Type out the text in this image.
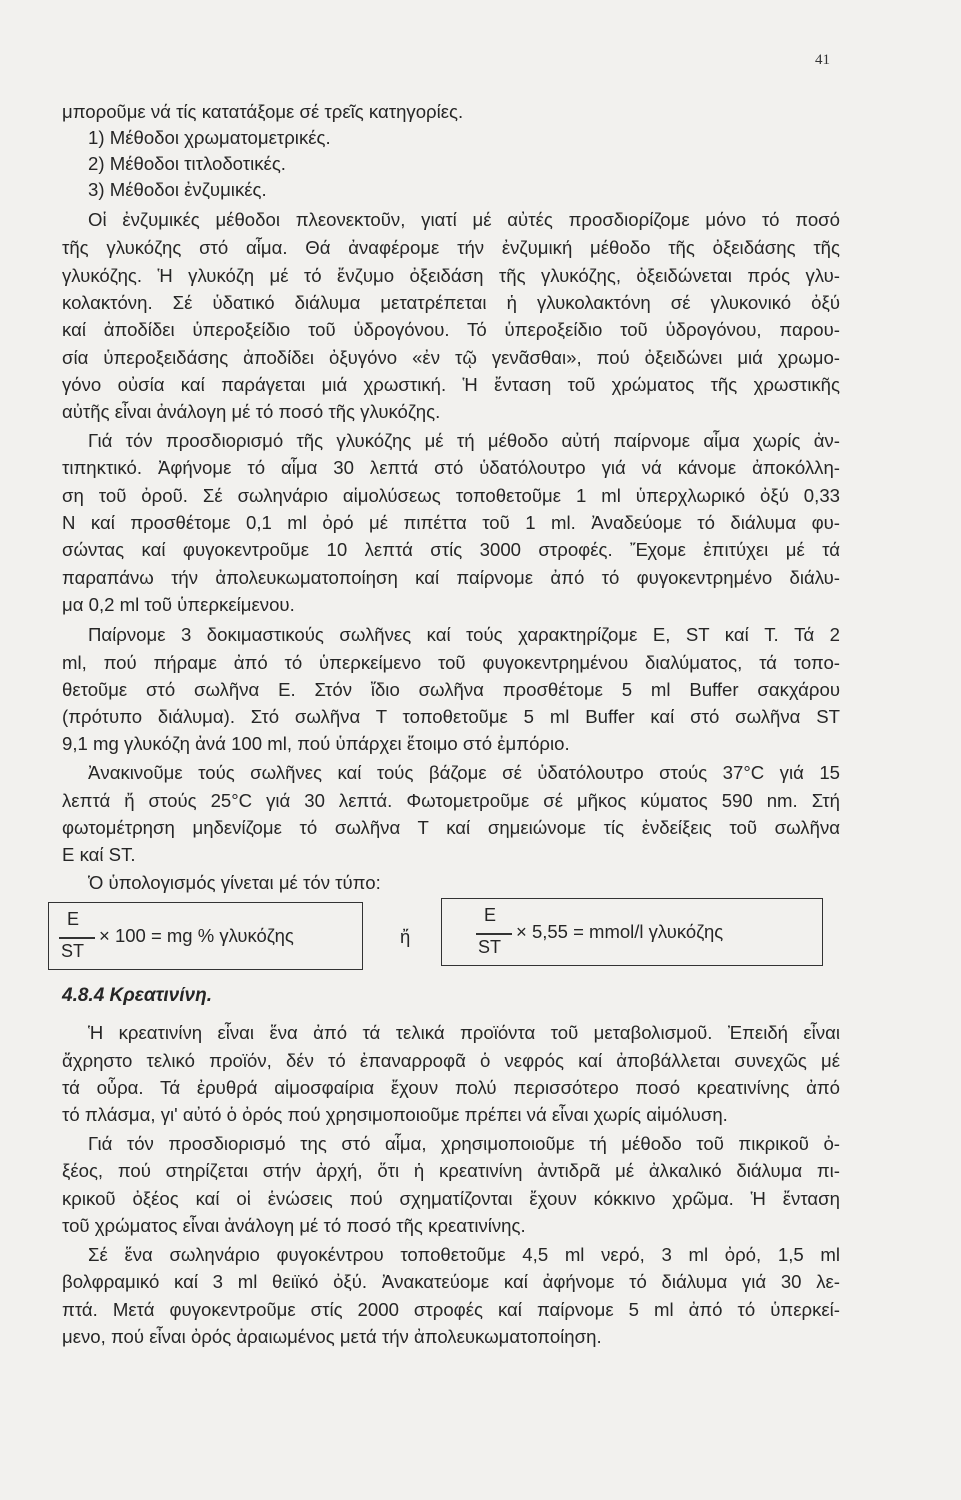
41
μποροῦμε νά τίς κατατάξομε σέ τρεῖς κατηγορίες.
1) Μέθοδοι χρωματομετρικές.
2) Μέθοδοι τιτλοδοτικές.
3) Μέθοδοι ἐνζυμικές.
Οἱ ἐνζυμικές μέθοδοι πλεονεκτοῦν, γιατί μέ αὐτές προσδιορίζομε μόνο τό ποσό
τῆς γλυκόζης στό αἷμα. Θά ἀναφέρομε τήν ἐνζυμική μέθοδο τῆς ὀξειδάσης τῆς
γλυκόζης. Ἡ γλυκόζη μέ τό ἔνζυμο ὀξειδάση τῆς γλυκόζης, ὀξειδώνεται πρός γλυ-
κολακτόνη. Σέ ὑδατικό διάλυμα μετατρέπεται ἡ γλυκολακτόνη σέ γλυκονικό ὀξύ
καί ἀποδίδει ὑπεροξείδιο τοῦ ὑδρογόνου. Τό ὑπεροξείδιο τοῦ ὑδρογόνου, παρου-
σία ὑπεροξειδάσης ἀποδίδει ὀξυγόνο «ἐν τῷ γενᾶσθαι», πού ὀξειδώνει μιά χρωμο-
γόνο οὐσία καί παράγεται μιά χρωστική. Ἡ ἔνταση τοῦ χρώματος τῆς χρωστικῆς
αὐτῆς εἶναι ἀνάλογη μέ τό ποσό τῆς γλυκόζης.
Γιά τόν προσδιορισμό τῆς γλυκόζης μέ τή μέθοδο αὐτή παίρνομε αἷμα χωρίς ἀν-
τιπηκτικό. Ἀφήνομε τό αἷμα 30 λεπτά στό ὑδατόλουτρο γιά νά κάνομε ἀποκόλλη-
ση τοῦ ὀροῦ. Σέ σωληνάριο αἱμολύσεως τοποθετοῦμε 1 ml ὑπερχλωρικό ὀξύ 0,33
Ν καί προσθέτομε 0,1 ml ὀρό μέ πιπέττα τοῦ 1 ml. Ἀναδεύομε τό διάλυμα φυ-
σώντας καί φυγοκεντροῦμε 10 λεπτά στίς 3000 στροφές. Ἔχομε ἐπιτύχει μέ τά
παραπάνω τήν ἀπολευκωματοποίηση καί παίρνομε ἀπό τό φυγοκεντρημένο διάλυ-
μα 0,2 ml τοῦ ὑπερκείμενου.
Παίρνομε 3 δοκιμαστικούς σωλῆνες καί τούς χαρακτηρίζομε E, ST καί T. Τά 2
ml, πού πήραμε ἀπό τό ὑπερκείμενο τοῦ φυγοκεντρημένου διαλύματος, τά τοπο-
θετοῦμε στό σωλῆνα Ε. Στόν ἴδιο σωλῆνα προσθέτομε 5 ml Buffer σακχάρου
(πρότυπο διάλυμα). Στό σωλῆνα Τ τοποθετοῦμε 5 ml Buffer καί στό σωλῆνα ST
9,1 mg γλυκόζη ἀνά 100 ml, πού ὑπάρχει ἕτοιμο στό ἐμπόριο.
Ἀνακινοῦμε τούς σωλῆνες καί τούς βάζομε σέ ὑδατόλουτρο στούς 37°C γιά 15
λεπτά ἤ στούς 25°C γιά 30 λεπτά. Φωτομετροῦμε σέ μῆκος κύματος 590 nm. Στή
φωτομέτρηση μηδενίζομε τό σωλῆνα Τ καί σημειώνομε τίς ἐνδείξεις τοῦ σωλῆνα
Ε καί ST.
Ὁ ὑπολογισμός γίνεται μέ τόν τύπο:
E
ST
× 100 = mg % γλυκόζης	ἤ
E
ST
× 5,55 = mmol/l γλυκόζης
4.8.4 Κρεατινίνη.
Ἡ κρεατινίνη εἶναι ἕνα ἀπό τά τελικά προϊόντα τοῦ μεταβολισμοῦ. Ἐπειδή εἶναι
ἄχρηστο τελικό προϊόν, δέν τό ἐπαναρροφᾶ ὁ νεφρός καί ἀποβάλλεται συνεχῶς μέ
τά οὖρα. Τά ἐρυθρά αἱμοσφαίρια ἔχουν πολύ περισσότερο ποσό κρεατινίνης ἀπό
τό πλάσμα, γι' αὐτό ὁ ὀρός πού χρησιμοποιοῦμε πρέπει νά εἶναι χωρίς αἱμόλυση.
Γιά τόν προσδιορισμό της στό αἷμα, χρησιμοποιοῦμε τή μέθοδο τοῦ πικρικοῦ ὀ-
ξέος, πού στηρίζεται στήν ἀρχή, ὅτι ἡ κρεατινίνη ἀντιδρᾶ μέ ἀλκαλικό διάλυμα πι-
κρικοῦ ὀξέος καί οἱ ἑνώσεις πού σχηματίζονται ἔχουν κόκκινο χρῶμα. Ἡ ἔνταση
τοῦ χρώματος εἶναι ἀνάλογη μέ τό ποσό τῆς κρεατινίνης.
Σέ ἕνα σωληνάριο φυγοκέντρου τοποθετοῦμε 4,5 ml νερό, 3 ml ὀρό, 1,5 ml
βολφραμικό καί 3 ml θειϊκό ὀξύ. Ἀνακατεύομε καί ἀφήνομε τό διάλυμα γιά 30 λε-
πτά. Μετά φυγοκεντροῦμε στίς 2000 στροφές καί παίρνομε 5 ml ἀπό τό ὑπερκεί-
μενο, πού εἶναι ὀρός ἀραιωμένος μετά τήν ἀπολευκωματοποίηση.
